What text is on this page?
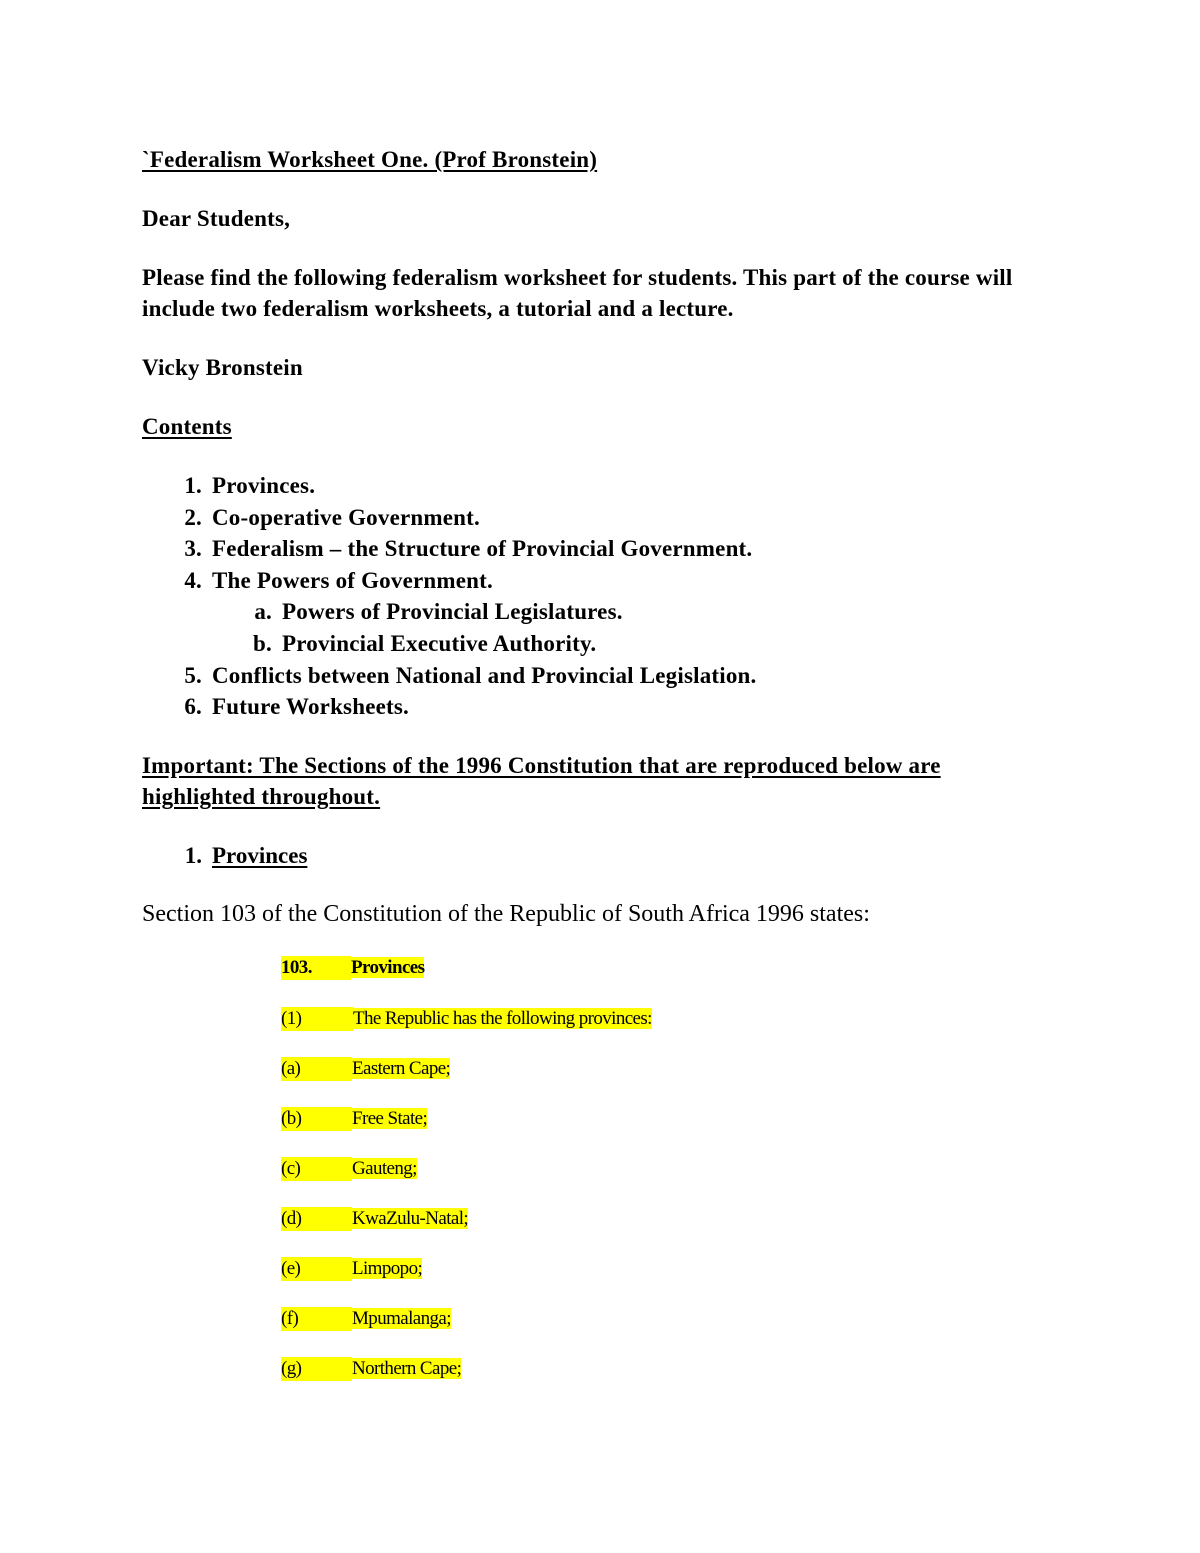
`Federalism Worksheet One. (Prof Bronstein)
Dear Students,
Please find the following federalism worksheet for students. This part of the course will include two federalism worksheets, a tutorial and a lecture.
Vicky Bronstein
Contents
1. Provinces.
2. Co-operative Government.
3. Federalism – the Structure of Provincial Government.
4. The Powers of Government.
a. Powers of Provincial Legislatures.
b. Provincial Executive Authority.
5. Conflicts between National and Provincial Legislation.
6. Future Worksheets.
Important: The Sections of the 1996 Constitution that are reproduced below are highlighted throughout.
1. Provinces
Section 103 of the Constitution of the Republic of South Africa 1996 states:
103. Provinces
(1)	The Republic has the following provinces:
(a)	Eastern Cape;
(b)	Free State;
(c)	Gauteng;
(d)	KwaZulu-Natal;
(e)	Limpopo;
(f)	Mpumalanga;
(g)	Northern Cape;
